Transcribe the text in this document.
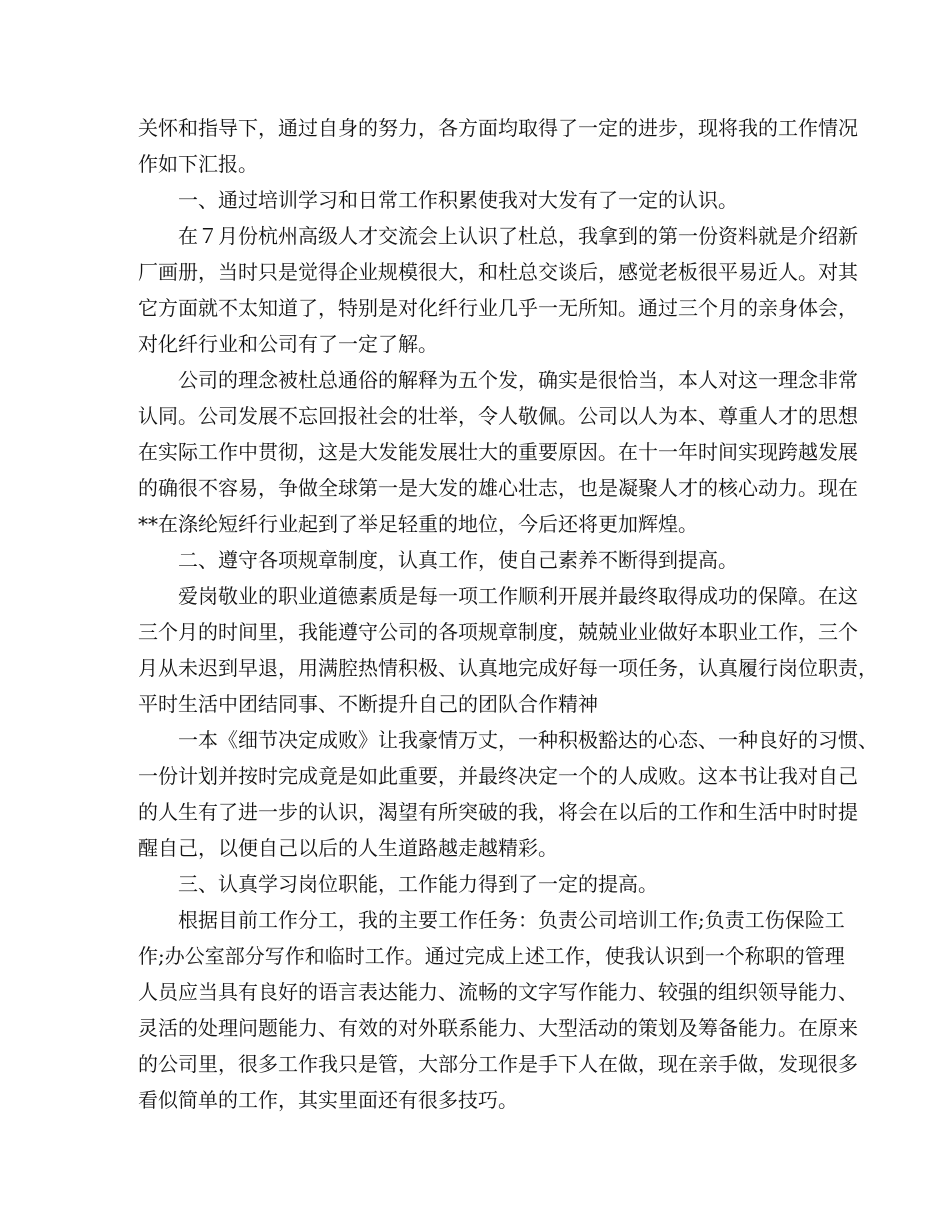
关怀和指导下，通过自身的努力，各方面均取得了一定的进步，现将我的工作情况
作如下汇报。
一、通过培训学习和日常工作积累使我对大发有了一定的认识。
在７月份杭州高级人才交流会上认识了杜总，我拿到的第一份资料就是介绍新
厂画册，当时只是觉得企业规模很大，和杜总交谈后，感觉老板很平易近人。对其
它方面就不太知道了，特别是对化纤行业几乎一无所知。通过三个月的亲身体会，
对化纤行业和公司有了一定了解。
公司的理念被杜总通俗的解释为五个发，确实是很恰当，本人对这一理念非常
认同。公司发展不忘回报社会的壮举，令人敬佩。公司以人为本、尊重人才的思想
在实际工作中贯彻，这是大发能发展壮大的重要原因。在十一年时间实现跨越发展
的确很不容易，争做全球第一是大发的雄心壮志，也是凝聚人才的核心动力。现在
**在涤纶短纤行业起到了举足轻重的地位，今后还将更加辉煌。
二、遵守各项规章制度，认真工作，使自己素养不断得到提高。
爱岗敬业的职业道德素质是每一项工作顺利开展并最终取得成功的保障。在这
三个月的时间里，我能遵守公司的各项规章制度，兢兢业业做好本职业工作，三个
月从未迟到早退，用满腔热情积极、认真地完成好每一项任务，认真履行岗位职责，
平时生活中团结同事、不断提升自己的团队合作精神
一本《细节决定成败》让我豪情万丈，一种积极豁达的心态、一种良好的习惯、
一份计划并按时完成竟是如此重要，并最终决定一个的人成败。这本书让我对自己
的人生有了进一步的认识，渴望有所突破的我，将会在以后的工作和生活中时时提
醒自己，以便自己以后的人生道路越走越精彩。
三、认真学习岗位职能，工作能力得到了一定的提高。
根据目前工作分工，我的主要工作任务：负责公司培训工作;负责工伤保险工
作;办公室部分写作和临时工作。通过完成上述工作，使我认识到一个称职的管理
人员应当具有良好的语言表达能力、流畅的文字写作能力、较强的组织领导能力、
灵活的处理问题能力、有效的对外联系能力、大型活动的策划及筹备能力。在原来
的公司里，很多工作我只是管，大部分工作是手下人在做，现在亲手做，发现很多
看似简单的工作，其实里面还有很多技巧。
